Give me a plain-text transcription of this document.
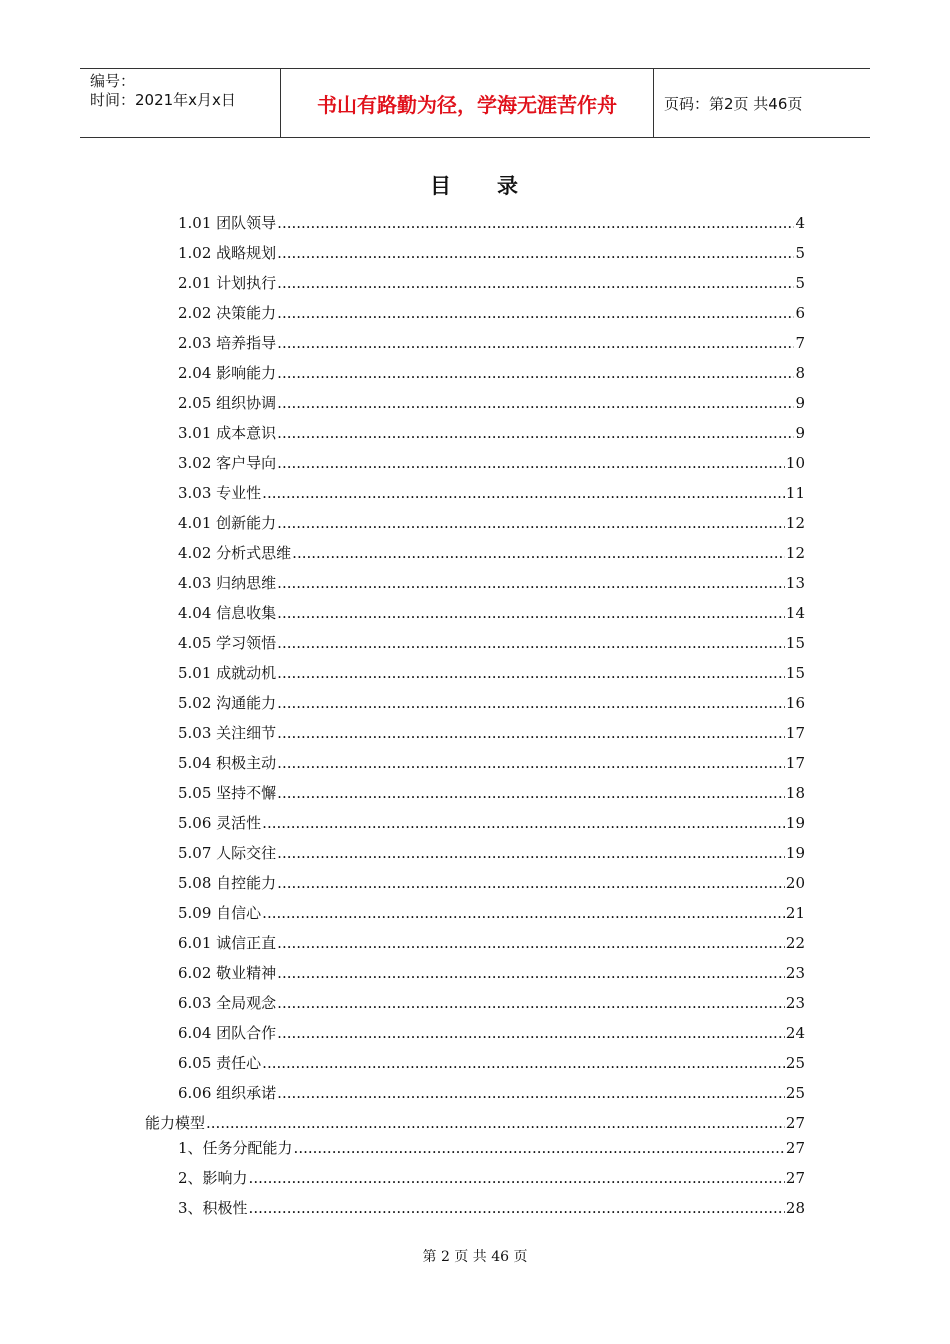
编号：
时间：2021年x月x日	书山有路勤为径，学海无涯苦作舟	页码：第2页 共46页
目 录
1.01 团队领导 .....	4
1.02 战略规划 .....	5
2.01 计划执行 .....	5
2.02 决策能力 .....	6
2.03 培养指导 .....	7
2.04 影响能力 .....	8
2.05 组织协调 .....	9
3.01 成本意识 .....	9
3.02 客户导向 .....	10
3.03 专业性 .....	11
4.01 创新能力 .....	12
4.02 分析式思维 .....	12
4.03 归纳思维 .....	13
4.04 信息收集 .....	14
4.05 学习领悟 .....	15
5.01 成就动机 .....	15
5.02 沟通能力 .....	16
5.03 关注细节 .....	17
5.04 积极主动 .....	17
5.05 坚持不懈 .....	18
5.06 灵活性 .....	19
5.07 人际交往 .....	19
5.08 自控能力 .....	20
5.09 自信心 .....	21
6.01 诚信正直 .....	22
6.02 敬业精神 .....	23
6.03 全局观念 .....	23
6.04 团队合作 .....	24
6.05 责任心 .....	25
6.06 组织承诺 .....	25
能力模型 .....	27
1、任务分配能力 .....	27
2、影响力 .....	27
3、积极性 .....	28
第 2 页 共 46 页
